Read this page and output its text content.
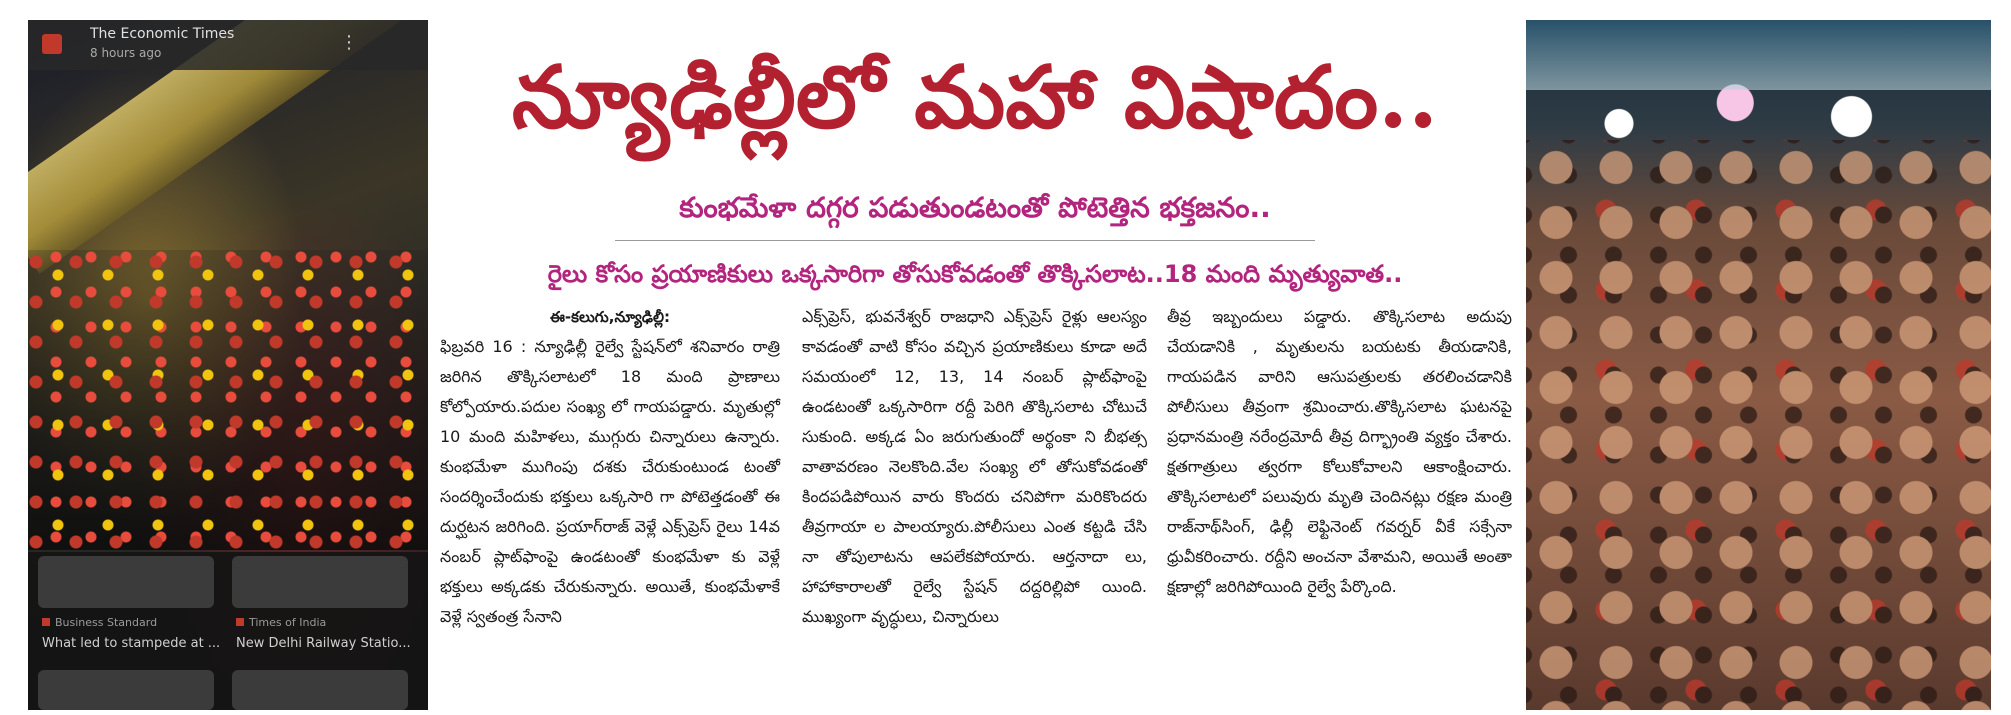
The Economic Times
8 hours ago	⋮
Business Standard	Times of India
What led to stampede at ... New Delhi Railway Statio...
న్యూఢిల్లీలో మహా విషాదం..
కుంభమేళా దగ్గర పడుతుండటంతో పోటెత్తిన భక్తజనం..
రైలు కోసం ప్రయాణికులు ఒక్కసారిగా తోసుకోవడంతో తొక్కిసలాట..18 మంది మృత్యువాత..
ఈ-కలుగు,న్యూఢిల్లీ:

ఫిబ్రవరి 16 : న్యూఢిల్లీ రైల్వే స్టేషన్‌లో శనివారం రాత్రి జరిగిన తొక్కిసలాటలో 18 మంది ప్రాణాలు కోల్పోయారు.పదుల సంఖ్య లో గాయపడ్డారు. మృతుల్లో 10 మంది మహిళలు, ముగ్గురు చిన్నారులు ఉన్నారు. కుంభమేళా ముగింపు దశకు చేరుకుంటుండ టంతో సందర్శించేందుకు భక్తులు ఒక్కసారి గా పోటెత్తడంతో ఈ దుర్ఘటన జరిగింది. ప్రయాగ్‌రాజ్ వెళ్లే ఎక్స్‌ప్రెస్ రైలు 14వ నంబర్ ప్లాట్‌ఫాంపై ఉండటంతో కుంభమేళా కు వెళ్లే భక్తులు అక్కడకు చేరుకున్నారు. అయితే, కుంభమేళాకే వెళ్లే స్వతంత్ర సేనాని

ఎక్స్‌ప్రెస్, భువనేశ్వర్ రాజధాని ఎక్స్‌ప్రెస్ రైళ్లు ఆలస్యం కావడంతో వాటి కోసం వచ్చిన ప్రయాణికులు కూడా అదే సమయంలో 12, 13, 14 నంబర్ ప్లాట్‌ఫాంపై ఉండటంతో ఒక్కసారిగా రద్దీ పెరిగి తొక్కిసలాట చోటుచే సుకుంది. అక్కడ ఏం జరుగుతుందో అర్థంకా ని బీభత్స వాతావరణం నెలకొంది.వేల సంఖ్య లో తోసుకోవడంతో కిందపడిపోయిన వారు కొందరు చనిపోగా మరికొందరు తీవ్రగాయా ల పాలయ్యారు.పోలీసులు ఎంత కట్టడి చేసి నా తోపులాటను ఆపలేకపోయారు. ఆర్తనాదా లు, హాహాకారాలతో రైల్వే స్టేషన్ దద్దరిల్లిపో యింది. ముఖ్యంగా వృద్ధులు, చిన్నారులు

తీవ్ర ఇబ్బందులు పడ్డారు. తొక్కిసలాట అదుపు చేయడానికి , మృతులను బయటకు తీయడానికి, గాయపడిన వారిని ఆసుపత్రులకు తరలించడానికి పోలీసులు తీవ్రంగా శ్రమించారు.తొక్కిసలాట ఘటనపై ప్రధానమంత్రి నరేంద్రమోదీ తీవ్ర దిగ్భ్రాంతి వ్యక్తం చేశారు. క్షతగాత్రులు త్వరగా కోలుకోవాలని ఆకాంక్షించారు. తొక్కిసలాటలో పలువురు మృతి చెందినట్లు రక్షణ మంత్రి రాజ్‌నాథ్‌సింగ్, ఢిల్లీ లెఫ్టినెంట్ గవర్నర్ వీకే సక్సేనా ధ్రువీకరించారు. రద్దీని అంచనా వేశామని, అయితే అంతా క్షణాల్లో జరిగిపోయింది రైల్వే పేర్కొంది.
